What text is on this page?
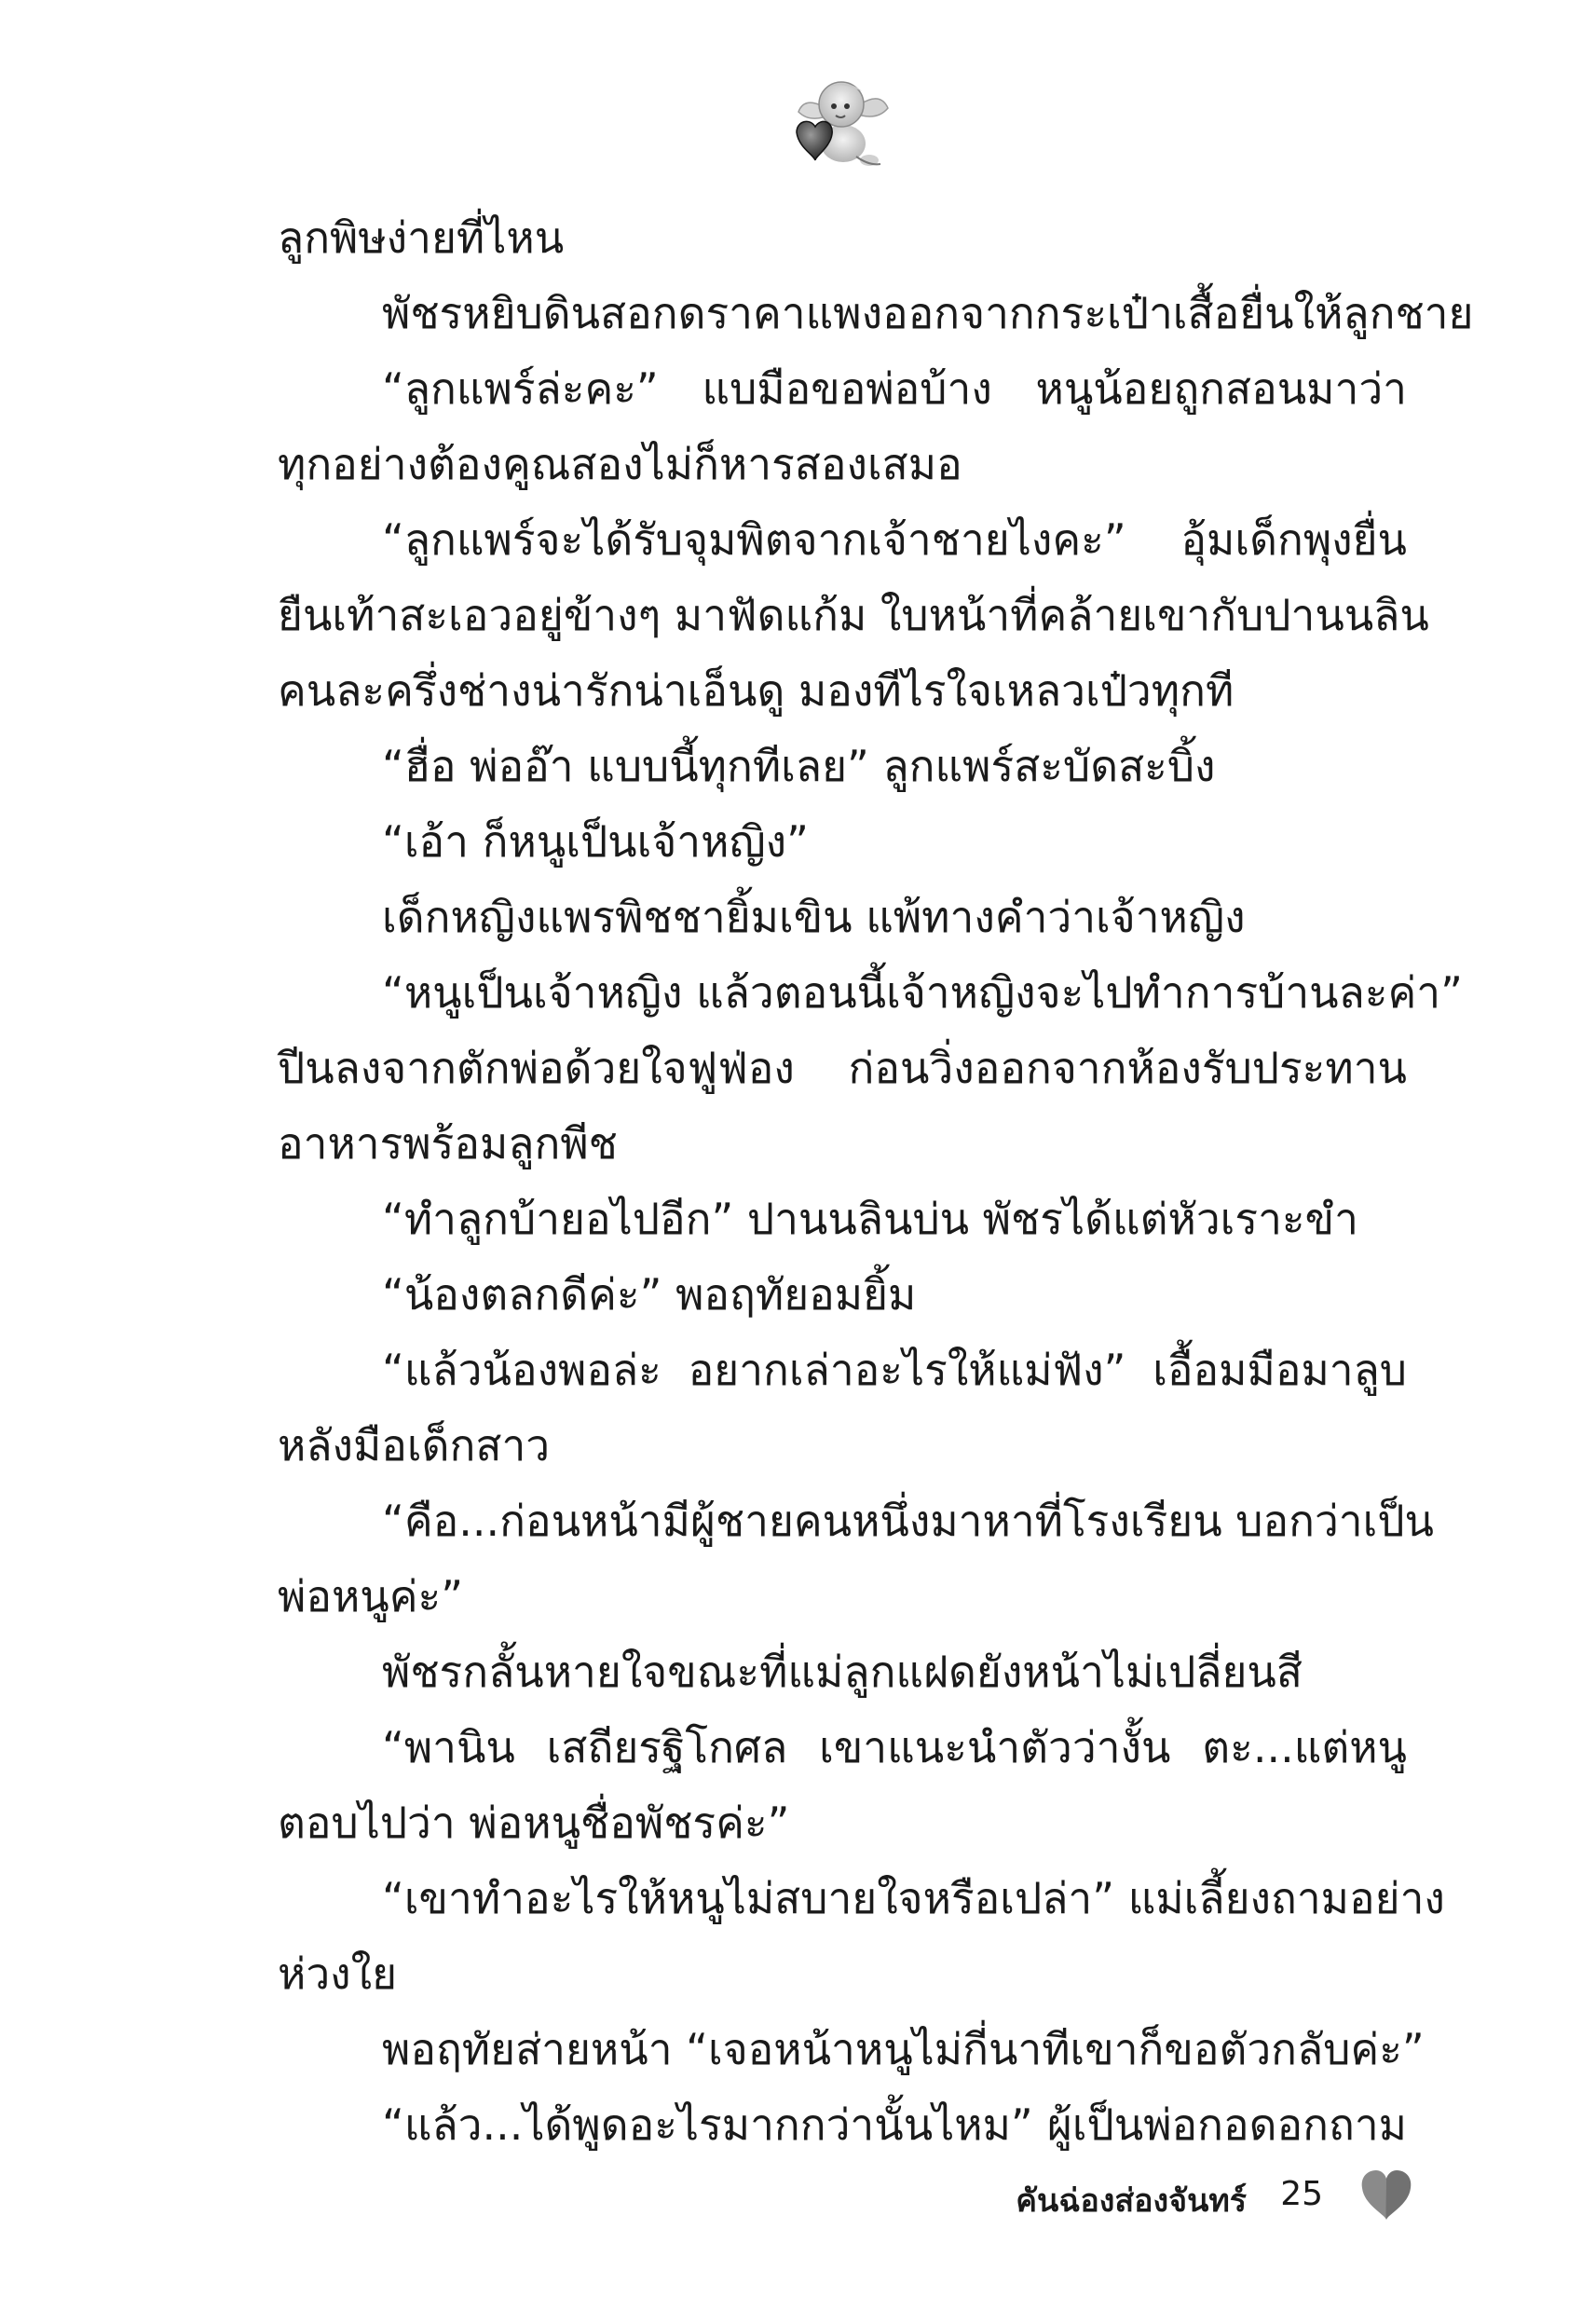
ลูกพิษง่ายที่ไหน
พัชรหยิบดินสอกดราคาแพงออกจากกระเป๋าเสื้อยื่นให้ลูกชาย
“ลูกแพร์ล่ะคะ” แบมือขอพ่อบ้าง หนูน้อยถูกสอนมาว่า
ทุกอย่างต้องคูณสองไม่ก็หารสองเสมอ
“ลูกแพร์จะได้รับจุมพิตจากเจ้าชายไงคะ” อุ้มเด็กพุงยื่น
ยืนเท้าสะเอวอยู่ข้างๆ มาฟัดแก้ม ใบหน้าที่คล้ายเขากับปานนลิน
คนละครึ่งช่างน่ารักน่าเอ็นดู มองทีไรใจเหลวเป๋วทุกที
“ฮื่อ พ่ออ๊า แบบนี้ทุกทีเลย” ลูกแพร์สะบัดสะบิ้ง
“เอ้า ก็หนูเป็นเจ้าหญิง”
เด็กหญิงแพรพิชชายิ้มเขิน แพ้ทางคำว่าเจ้าหญิง
“หนูเป็นเจ้าหญิง แล้วตอนนี้เจ้าหญิงจะไปทำการบ้านละค่า”
ปีนลงจากตักพ่อด้วยใจฟูฟ่อง ก่อนวิ่งออกจากห้องรับประทาน
อาหารพร้อมลูกพีช
“ทำลูกบ้ายอไปอีก” ปานนลินบ่น พัชรได้แต่หัวเราะขำ
“น้องตลกดีค่ะ” พอฤทัยอมยิ้ม
“แล้วน้องพอล่ะ อยากเล่าอะไรให้แม่ฟัง” เอื้อมมือมาลูบ
หลังมือเด็กสาว
“คือ...ก่อนหน้ามีผู้ชายคนหนึ่งมาหาที่โรงเรียน บอกว่าเป็น
พ่อหนูค่ะ”
พัชรกลั้นหายใจขณะที่แม่ลูกแฝดยังหน้าไม่เปลี่ยนสี
“พานิน เสถียรฐิโกศล เขาแนะนำตัวว่างั้น ตะ...แต่หนู
ตอบไปว่า พ่อหนูชื่อพัชรค่ะ”
“เขาทำอะไรให้หนูไม่สบายใจหรือเปล่า” แม่เลี้ยงถามอย่าง
ห่วงใย
พอฤทัยส่ายหน้า “เจอหน้าหนูไม่กี่นาทีเขาก็ขอตัวกลับค่ะ”
“แล้ว...ได้พูดอะไรมากกว่านั้นไหม” ผู้เป็นพ่อกอดอกถาม
คันฉ่องส่องจันทร์ 25
